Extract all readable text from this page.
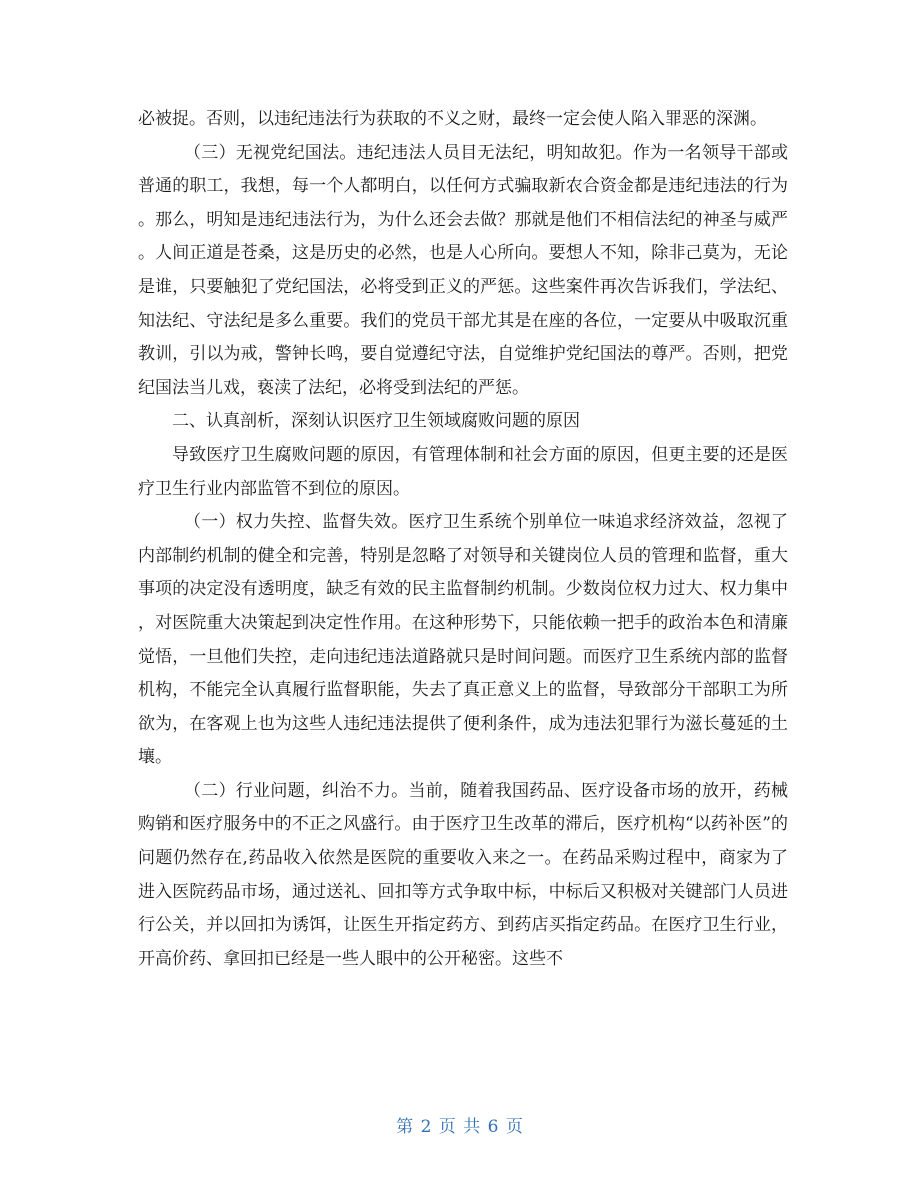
必被捉。否则，以违纪违法行为获取的不义之财，最终一定会使人陷入罪恶的深渊。

（三）无视党纪国法。违纪违法人员目无法纪，明知故犯。作为一名领导干部或普通的职工，我想，每一个人都明白，以任何方式骗取新农合资金都是违纪违法的行为。那么，明知是违纪违法行为，为什么还会去做？那就是他们不相信法纪的神圣与威严。人间正道是苍桑，这是历史的必然，也是人心所向。要想人不知，除非己莫为，无论是谁，只要触犯了党纪国法，必将受到正义的严惩。这些案件再次告诉我们，学法纪、知法纪、守法纪是多么重要。我们的党员干部尤其是在座的各位，一定要从中吸取沉重教训，引以为戒，警钟长鸣，要自觉遵纪守法，自觉维护党纪国法的尊严。否则，把党纪国法当儿戏，亵渎了法纪，必将受到法纪的严惩。

二、认真剖析，深刻认识医疗卫生领域腐败问题的原因

导致医疗卫生腐败问题的原因，有管理体制和社会方面的原因，但更主要的还是医疗卫生行业内部监管不到位的原因。

（一）权力失控、监督失效。医疗卫生系统个别单位一味追求经济效益，忽视了内部制约机制的健全和完善，特别是忽略了对领导和关键岗位人员的管理和监督，重大事项的决定没有透明度，缺乏有效的民主监督制约机制。少数岗位权力过大、权力集中，对医院重大决策起到决定性作用。在这种形势下，只能依赖一把手的政治本色和清廉觉悟，一旦他们失控，走向违纪违法道路就只是时间问题。而医疗卫生系统内部的监督机构，不能完全认真履行监督职能，失去了真正意义上的监督，导致部分干部职工为所欲为，在客观上也为这些人违纪违法提供了便利条件，成为违法犯罪行为滋长蔓延的土壤。

（二）行业问题，纠治不力。当前，随着我国药品、医疗设备市场的放开，药械购销和医疗服务中的不正之风盛行。由于医疗卫生改革的滞后，医疗机构“以药补医”的问题仍然存在,药品收入依然是医院的重要收入来之一。在药品采购过程中，商家为了进入医院药品市场，通过送礼、回扣等方式争取中标，中标后又积极对关键部门人员进行公关，并以回扣为诱饵，让医生开指定药方、到药店买指定药品。在医疗卫生行业，开高价药、拿回扣已经是一些人眼中的公开秘密。这些不

第 2 页 共 6 页
